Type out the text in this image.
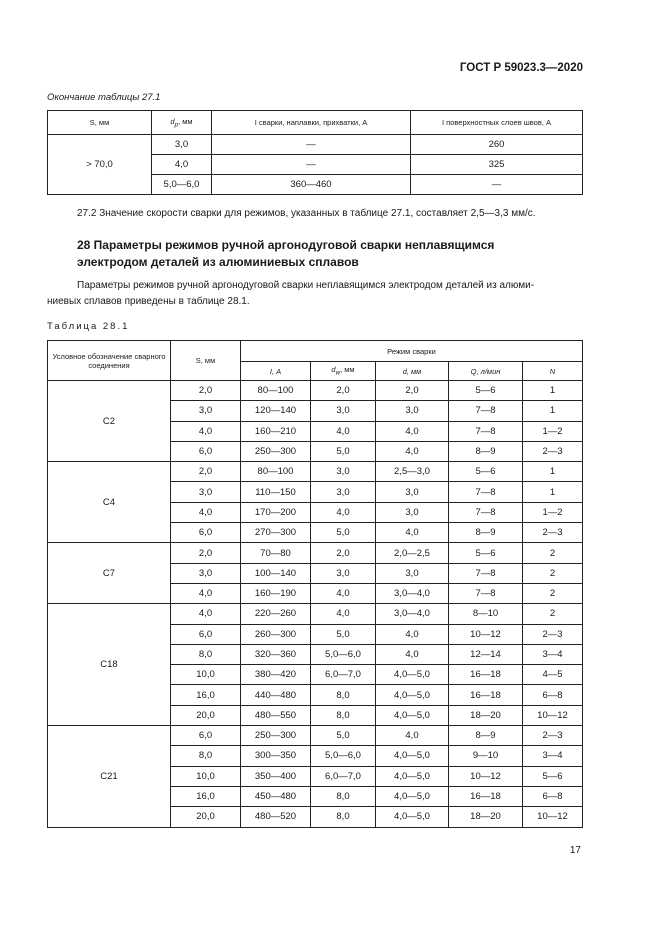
ГОСТ Р 59023.3—2020
Окончание таблицы 27.1
S, мм	$d_р$, мм	I сварки, наплавки, прихватки, А	I поверхностных слоев швов, А
> 70,0	3,0	—	260
	4,0	—	325
	5,0—6,0	360—460	—
27.2 Значение скорости сварки для режимов, указанных в таблице 27.1, составляет 2,5—3,3 мм/с.
28 Параметры режимов ручной аргонодуговой сварки неплавящимся
электродом деталей из алюминиевых сплавов
Параметры режимов ручной аргонодуговой сварки неплавящимся электродом деталей из алюми-
ниевых сплавов приведены в таблице 28.1.
Таблица 28.1
Условное обозначение сварного соединения	S, мм	Режим сварки				
		I, А	$d_w$, мм	d, мм	Q, л/мин	N
С2	2,0	80—100	2,0	2,0	5—6	1
	3,0	120—140	3,0	3,0	7—8	1
	4,0	160—210	4,0	4,0	7—8	1—2
	6,0	250—300	5,0	4,0	8—9	2—3
С4	2,0	80—100	3,0	2,5—3,0	5—6	1
	3,0	110—150	3,0	3,0	7—8	1
	4,0	170—200	4,0	3,0	7—8	1—2
	6,0	270—300	5,0	4,0	8—9	2—3
С7	2,0	70—80	2,0	2,0—2,5	5—6	2
	3,0	100—140	3,0	3,0	7—8	2
	4,0	160—190	4,0	3,0—4,0	7—8	2
С18	4,0	220—260	4,0	3,0—4,0	8—10	2
	6,0	260—300	5,0	4,0	10—12	2—3
	8,0	320—360	5,0—6,0	4,0	12—14	3—4
	10,0	380—420	6,0—7,0	4,0—5,0	16—18	4—5
	16,0	440—480	8,0	4,0—5,0	16—18	6—8
	20,0	480—550	8,0	4,0—5,0	18—20	10—12
С21	6,0	250—300	5,0	4,0	8—9	2—3
	8,0	300—350	5,0—6,0	4,0—5,0	9—10	3—4
	10,0	350—400	6,0—7,0	4,0—5,0	10—12	5—6
	16,0	450—480	8,0	4,0—5,0	16—18	6—8
	20,0	480—520	8,0	4,0—5,0	18—20	10—12
17
